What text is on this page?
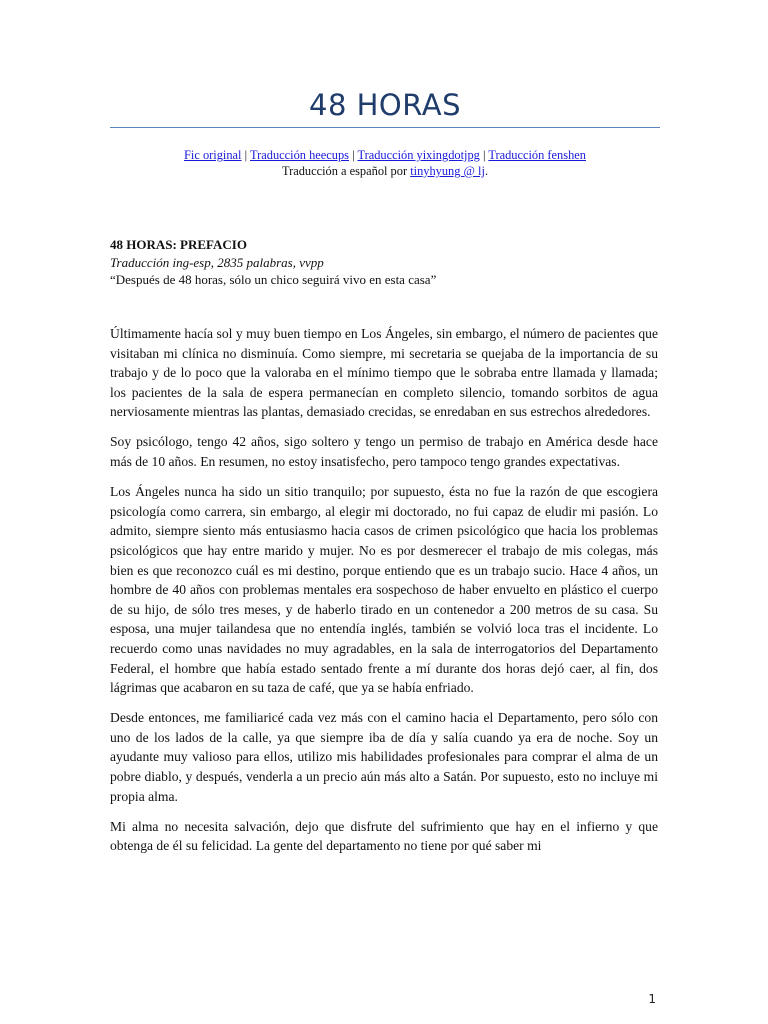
48 HORAS
Fic original | Traducción heecups | Traducción yixingdotjpg | Traducción fenshen
Traducción a español por tinyhyung @ lj.
48 HORAS: PREFACIO
Traducción ing-esp, 2835 palabras, vvpp
“Después de 48 horas, sólo un chico seguirá vivo en esta casa”

Últimamente hacía sol y muy buen tiempo en Los Ángeles, sin embargo, el número de pacientes que visitaban mi clínica no disminuía. Como siempre, mi secretaria se quejaba de la importancia de su trabajo y de lo poco que la valoraba en el mínimo tiempo que le sobraba entre llamada y llamada; los pacientes de la sala de espera permanecían en completo silencio, tomando sorbitos de agua nerviosamente mientras las plantas, demasiado crecidas, se enredaban en sus estrechos alrededores.

Soy psicólogo, tengo 42 años, sigo soltero y tengo un permiso de trabajo en América desde hace más de 10 años. En resumen, no estoy insatisfecho, pero tampoco tengo grandes expectativas.

Los Ángeles nunca ha sido un sitio tranquilo; por supuesto, ésta no fue la razón de que escogiera psicología como carrera, sin embargo, al elegir mi doctorado, no fui capaz de eludir mi pasión. Lo admito, siempre siento más entusiasmo hacia casos de crimen psicológico que hacia los problemas psicológicos que hay entre marido y mujer. No es por desmerecer el trabajo de mis colegas, más bien es que reconozco cuál es mi destino, porque entiendo que es un trabajo sucio. Hace 4 años, un hombre de 40 años con problemas mentales era sospechoso de haber envuelto en plástico el cuerpo de su hijo, de sólo tres meses, y de haberlo tirado en un contenedor a 200 metros de su casa. Su esposa, una mujer tailandesa que no entendía inglés, también se volvió loca tras el incidente. Lo recuerdo como unas navidades no muy agradables, en la sala de interrogatorios del Departamento Federal, el hombre que había estado sentado frente a mí durante dos horas dejó caer, al fin, dos lágrimas que acabaron en su taza de café, que ya se había enfriado.

Desde entonces, me familiaricé cada vez más con el camino hacia el Departamento, pero sólo con uno de los lados de la calle, ya que siempre iba de día y salía cuando ya era de noche. Soy un ayudante muy valioso para ellos, utilizo mis habilidades profesionales para comprar el alma de un pobre diablo, y después, venderla a un precio aún más alto a Satán. Por supuesto, esto no incluye mi propia alma.

Mi alma no necesita salvación, dejo que disfrute del sufrimiento que hay en el infierno y que obtenga de él su felicidad. La gente del departamento no tiene por qué saber mi

1
